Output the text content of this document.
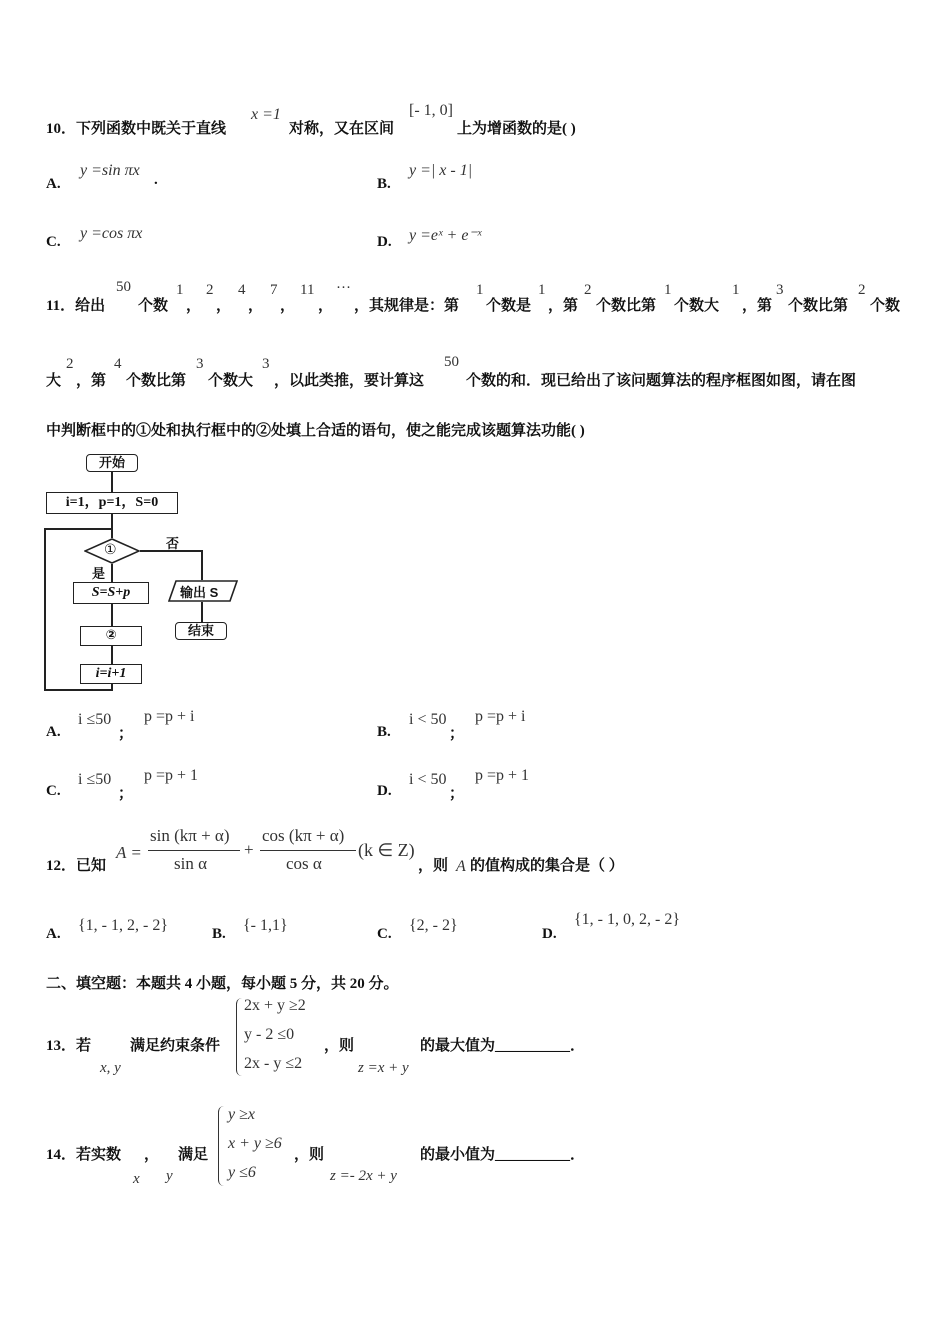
10．下列函数中既关于直线
x =1
对称，又在区间
[- 1, 0]
上为增函数的是( )
A.
y =sin πx
.	B.
y =| x - 1|
C. y =cos πx	D. y =eˣ + e⁻ˣ
11．给出
50
个数
1
，
2
，
4
，
7
，
11
，
···
，其规律是：第
1
个数是
1
，第
2
个数比第
1
个数大
1
，第
3
个数比第
2
个数
大
2
，第
4
个数比第
3
个数大
3
，以此类推，要计算这
50
个数的和．现已给出了该问题算法的程序框图如图，请在图
中判断框中的①处和执行框中的②处填上合适的语句，使之能完成该题算法功能( )
开始
i=1，p=1，S=0
①	否
输出 S
结束
是
S=S+p
②
i=i+1
A.
i ≤50
；
p =p + i
B.
i < 50
；
p =p + i
C.
i ≤50
；
p =p + 1
D.
i < 50
；
p =p + 1
12．已知
A =
sin (kπ + α)
sin α
+
cos (kπ + α)
cos α
(k ∈ Z)
，则 A 的值构成的集合是（ ）
A. {1, - 1, 2, - 2}	B. {- 1,1}	C. {2, - 2}	D.
{1, - 1, 0, 2, - 2}
二、填空题：本题共 4 小题，每小题 5 分，共 20 分。
13．若
x, y
满足约束条件
2x + y ≥2
y - 2 ≤0
2x - y ≤2
，则
z =x + y
的最大值为__________．
14．若实数 ，
x y
满足
y ≥x
x + y ≥6
y ≤6
，则
z =- 2x + y
的最小值为__________．
